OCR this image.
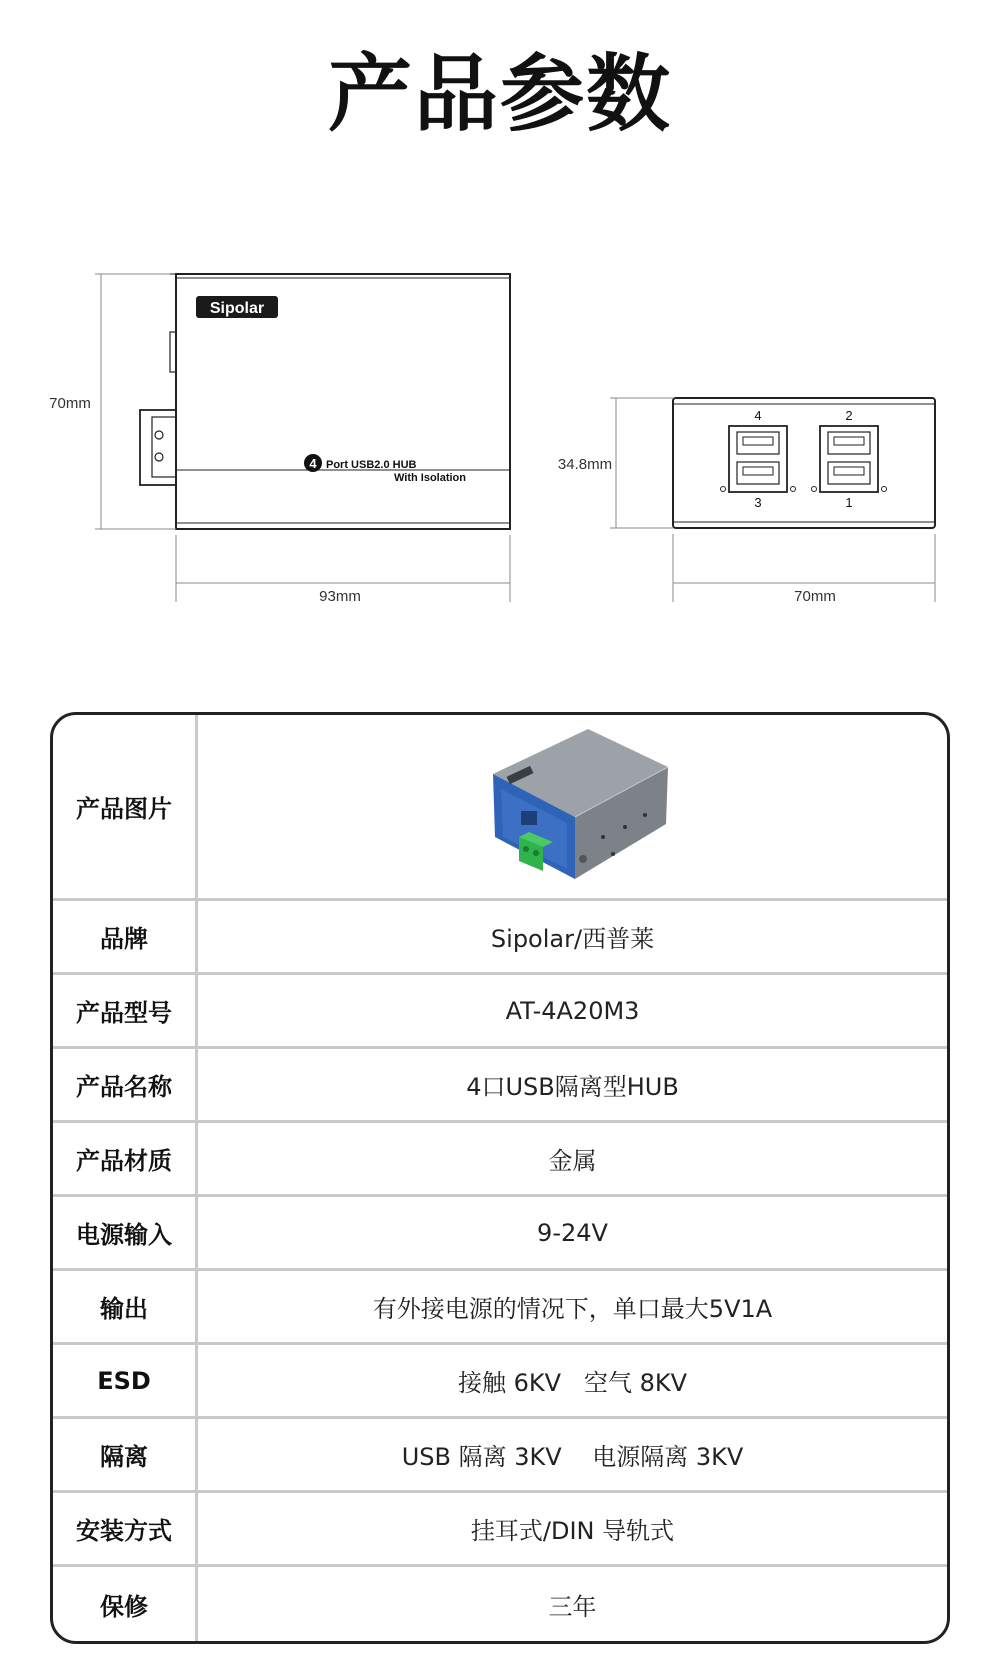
产品参数
Sipolar
4 Port USB2.0 HUB
With Isolation
70mm
93mm
4	2
3	1
34.8mm
70mm
产品图片
品牌	Sipolar/西普莱
产品型号	AT-4A20M3
产品名称	4口USB隔离型HUB
产品材质	金属
电源输入	9-24V
输出	有外接电源的情况下，单口最大5V1A
ESD	接触 6KV   空气 8KV
隔离	USB 隔离 3KV    电源隔离 3KV
安装方式	挂耳式/DIN 导轨式
保修	三年
